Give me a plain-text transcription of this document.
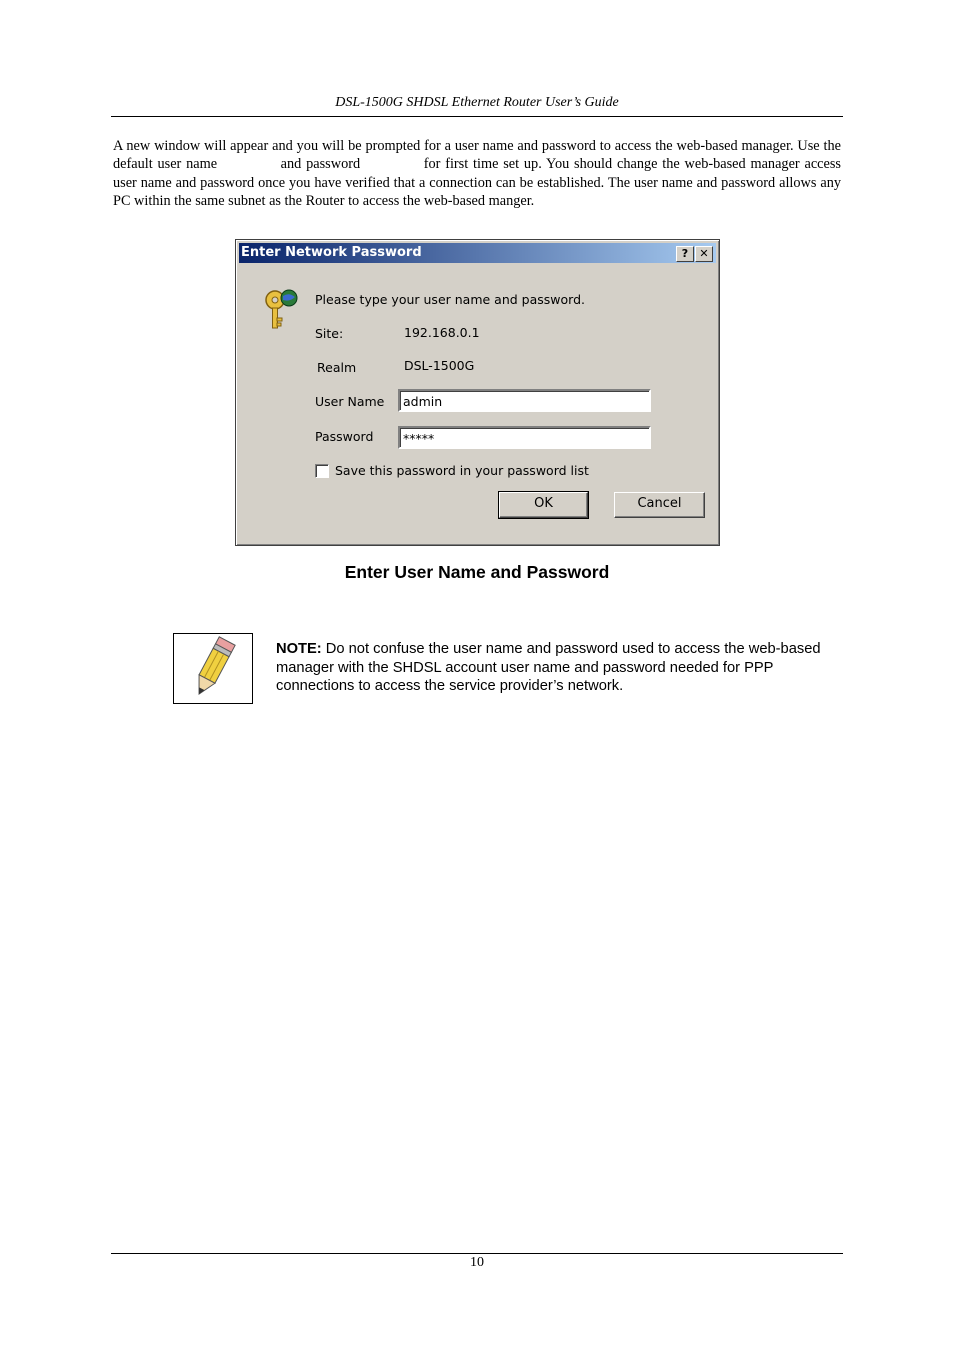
DSL-1500G SHDSL Ethernet Router User’s Guide

A new window will appear and you will be prompted for a user name and password to access the web-based manager. Use the default user name	and password	for first time set up. You should change the web-based manager access user name and password once you have verified that a connection can be established. The user name and password allows any PC within the same subnet as the Router to access the web-based manger.

Enter Network Password	?	✕
Please type your user name and password.
Site:	192.168.0.1
Realm	DSL-1500G
User Name	admin
Password	*****
Save this password in your password list
OK	Cancel
Enter User Name and Password
NOTE: Do not confuse the user name and password used to access the web-based manager with the SHDSL account user name and password needed for PPP connections to access the service provider’s network.
10
